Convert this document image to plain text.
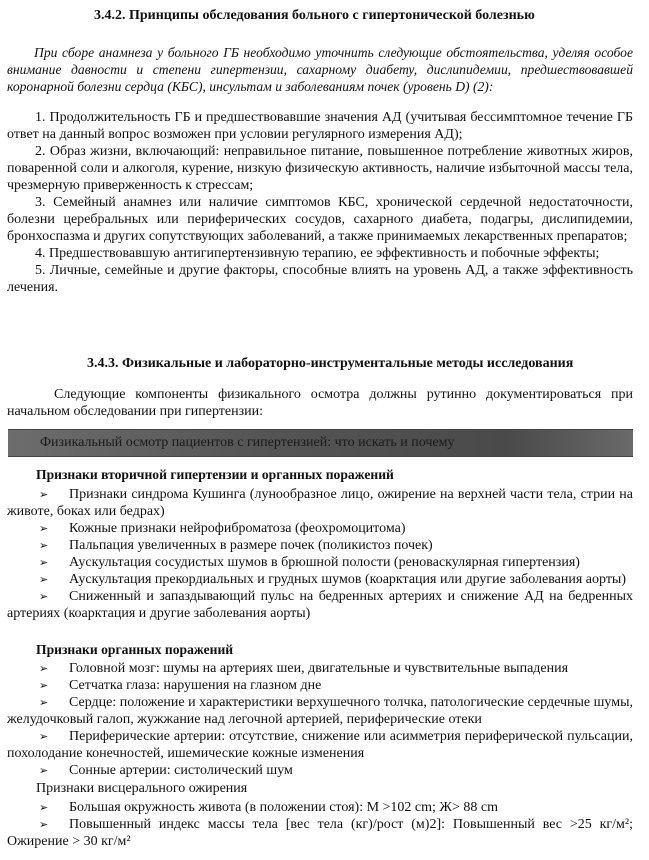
3.4.2. Принципы обследования больного с гипертонической болезнью

При сборе анамнеза у больного ГБ необходимо уточнить следующие обстоятельства, уделяя особое внимание давности и степени гипертензии, сахарному диабету, дислипидемии, предшествовавшей коронарной болезни сердца (КБС), инсультам и заболеваниям почек (уровень D) (2):

1. Продолжительность ГБ и предшествовавшие значения АД (учитывая бессимптомное течение ГБ ответ на данный вопрос возможен при условии регулярного измерения АД);

2. Образ жизни, включающий: неправильное питание, повышенное потребление животных жиров, поваренной соли и алкоголя, курение, низкую физическую активность, наличие избыточной массы тела, чрезмерную приверженность к стрессам;

3. Семейный анамнез или наличие симптомов КБС, хронической сердечной недостаточности, болезни церебральных или периферических сосудов, сахарного диабета, подагры, дислипидемии, бронхоспазма и других сопутствующих заболеваний, а также принимаемых лекарственных препаратов;

4. Предшествовавшую антигипертензивную терапию, ее эффективность и побочные эффекты;

5. Личные, семейные и другие факторы, способные влиять на уровень АД, а также эффективность лечения.

3.4.3. Физикальные и лабораторно-инструментальные методы исследования

Следующие компоненты физикального осмотра должны рутинно документироваться при начальном обследовании при гипертензии:

Физикальный осмотр пациентов с гипертензией: что искать и почему
Признаки вторичной гипертензии и органных поражений
➢ Признаки синдрома Кушинга (лунообразное лицо, ожирение на верхней части тела, стрии на животе, боках или бедрах)
➢ Кожные признаки нейрофиброматоза (феохромоцитома)
➢ Пальпация увеличенных в размере почек (поликистоз почек)
➢ Аускультация сосудистых шумов в брюшной полости (реноваскулярная гипертензия)
➢ Аускультация прекордиальных и грудных шумов (коарктация или другие заболевания аорты)
➢ Сниженный и запаздывающий пульс на бедренных артериях и снижение АД на бедренных артериях (коарктация и другие заболевания аорты)
Признаки органных поражений
➢ Головной мозг: шумы на артериях шеи, двигательные и чувствительные выпадения
➢ Сетчатка глаза: нарушения на глазном дне
➢ Сердце: положение и характеристики верхушечного толчка, патологические сердечные шумы, желудочковый галоп, жужжание над легочной артерией, периферические отеки
➢ Периферические артерии: отсутствие, снижение или асимметрия периферической пульсации, похолодание конечностей, ишемические кожные изменения
➢ Сонные артерии: систолический шум
Признаки висцерального ожирения
➢ Большая окружность живота (в положении стоя): М >102 cm; Ж> 88 cm
➢ Повышенный индекс массы тела [вес тела (кг)/рост (м)2]: Повышенный вес >25 кг/м²; Ожирение > 30 кг/м²
